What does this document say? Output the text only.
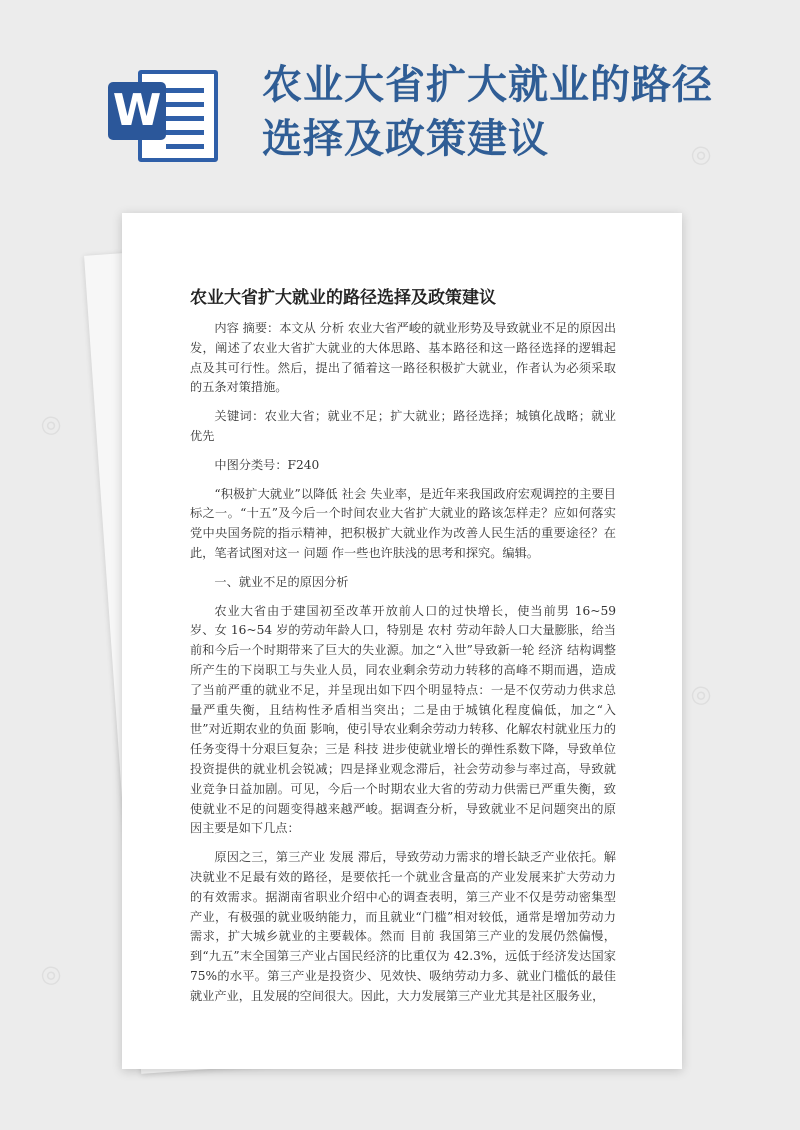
W	农业大省扩大就业的路径选择及政策建议
农业大省扩大就业的路径选择及政策建议

内容 摘要：本文从 分析 农业大省严峻的就业形势及导致就业不足的原因出发，阐述了农业大省扩大就业的大体思路、基本路径和这一路径选择的逻辑起点及其可行性。然后，提出了循着这一路径积极扩大就业，作者认为必须采取的五条对策措施。

关键词：农业大省；就业不足；扩大就业；路径选择；城镇化战略；就业优先

中图分类号：F240

“积极扩大就业”以降低 社会 失业率，是近年来我国政府宏观调控的主要目标之一。“十五”及今后一个时间农业大省扩大就业的路该怎样走？应如何落实党中央国务院的指示精神，把积极扩大就业作为改善人民生活的重要途径？在此，笔者试图对这一 问题 作一些也许肤浅的思考和探究。编辑。

一、就业不足的原因分析

农业大省由于建国初至改革开放前人口的过快增长，使当前男 16~59 岁、女 16~54 岁的劳动年龄人口，特别是 农村 劳动年龄人口大量膨胀，给当前和今后一个时期带来了巨大的失业源。加之“入世”导致新一轮 经济 结构调整所产生的下岗职工与失业人员，同农业剩余劳动力转移的高峰不期而遇，造成了当前严重的就业不足，并呈现出如下四个明显特点：一是不仅劳动力供求总量严重失衡，且结构性矛盾相当突出；二是由于城镇化程度偏低，加之“入世”对近期农业的负面 影响，使引导农业剩余劳动力转移、化解农村就业压力的任务变得十分艰巨复杂；三是 科技 进步使就业增长的弹性系数下降，导致单位投资提供的就业机会锐减；四是择业观念滞后，社会劳动参与率过高，导致就业竞争日益加剧。可见，今后一个时期农业大省的劳动力供需已严重失衡，致使就业不足的问题变得越来越严峻。据调查分析，导致就业不足问题突出的原因主要是如下几点：

原因之三，第三产业 发展 滞后，导致劳动力需求的增长缺乏产业依托。解决就业不足最有效的路径，是要依托一个就业含量高的产业发展来扩大劳动力的有效需求。据湖南省职业介绍中心的调查表明，第三产业不仅是劳动密集型产业，有极强的就业吸纳能力，而且就业“门槛”相对较低，通常是增加劳动力需求，扩大城乡就业的主要载体。然而 目前 我国第三产业的发展仍然偏慢，到“九五”末全国第三产业占国民经济的比重仅为 42.3%，远低于经济发达国家 75%的水平。第三产业是投资少、见效快、吸纳劳动力多、就业门槛低的最佳就业产业，且发展的空间很大。因此，大力发展第三产业尤其是社区服务业，

◎
◎
◎
◎
